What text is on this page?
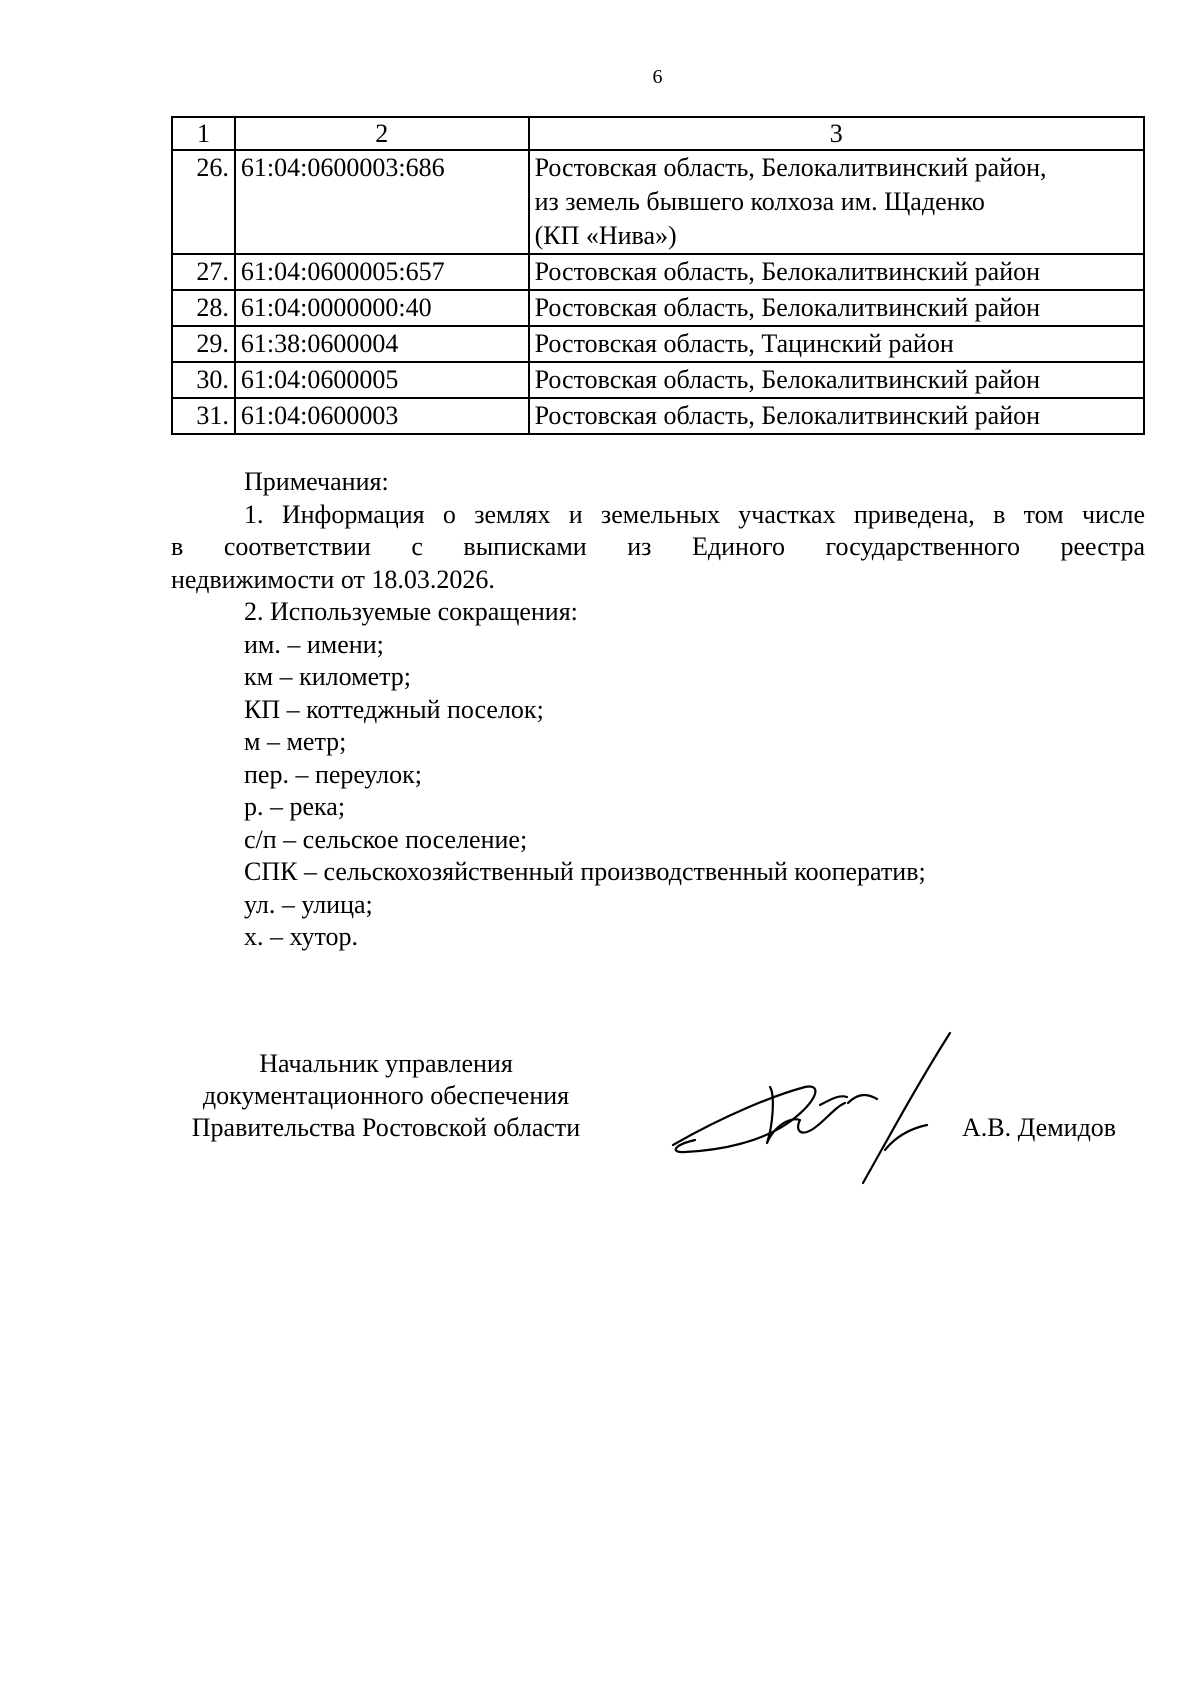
6
1	2	3
26.	61:04:0600003:686	Ростовская область, Белокалитвинский район,
из земель бывшего колхоза им. Щаденко
(КП «Нива»)

27.	61:04:0600005:657	Ростовская область, Белокалитвинский район
28.	61:04:0000000:40	Ростовская область, Белокалитвинский район
29.	61:38:0600004	Ростовская область, Тацинский район
30.	61:04:0600005	Ростовская область, Белокалитвинский район
31.	61:04:0600003	Ростовская область, Белокалитвинский район

Примечания:

1. Информация о землях и земельных участках приведена, в том числе

в соответствии с выписками из Единого государственного реестра

недвижимости от 18.03.2026.

2. Используемые сокращения:

им. – имени;

км – километр;

КП – коттеджный поселок;

м – метр;

пер. – переулок;

р. – река;

с/п – сельское поселение;

СПК – сельскохозяйственный производственный кооператив;

ул. – улица;

х. – хутор.

Начальник управления
документационного обеспечения
Правительства Ростовской области	А.В. Демидов
